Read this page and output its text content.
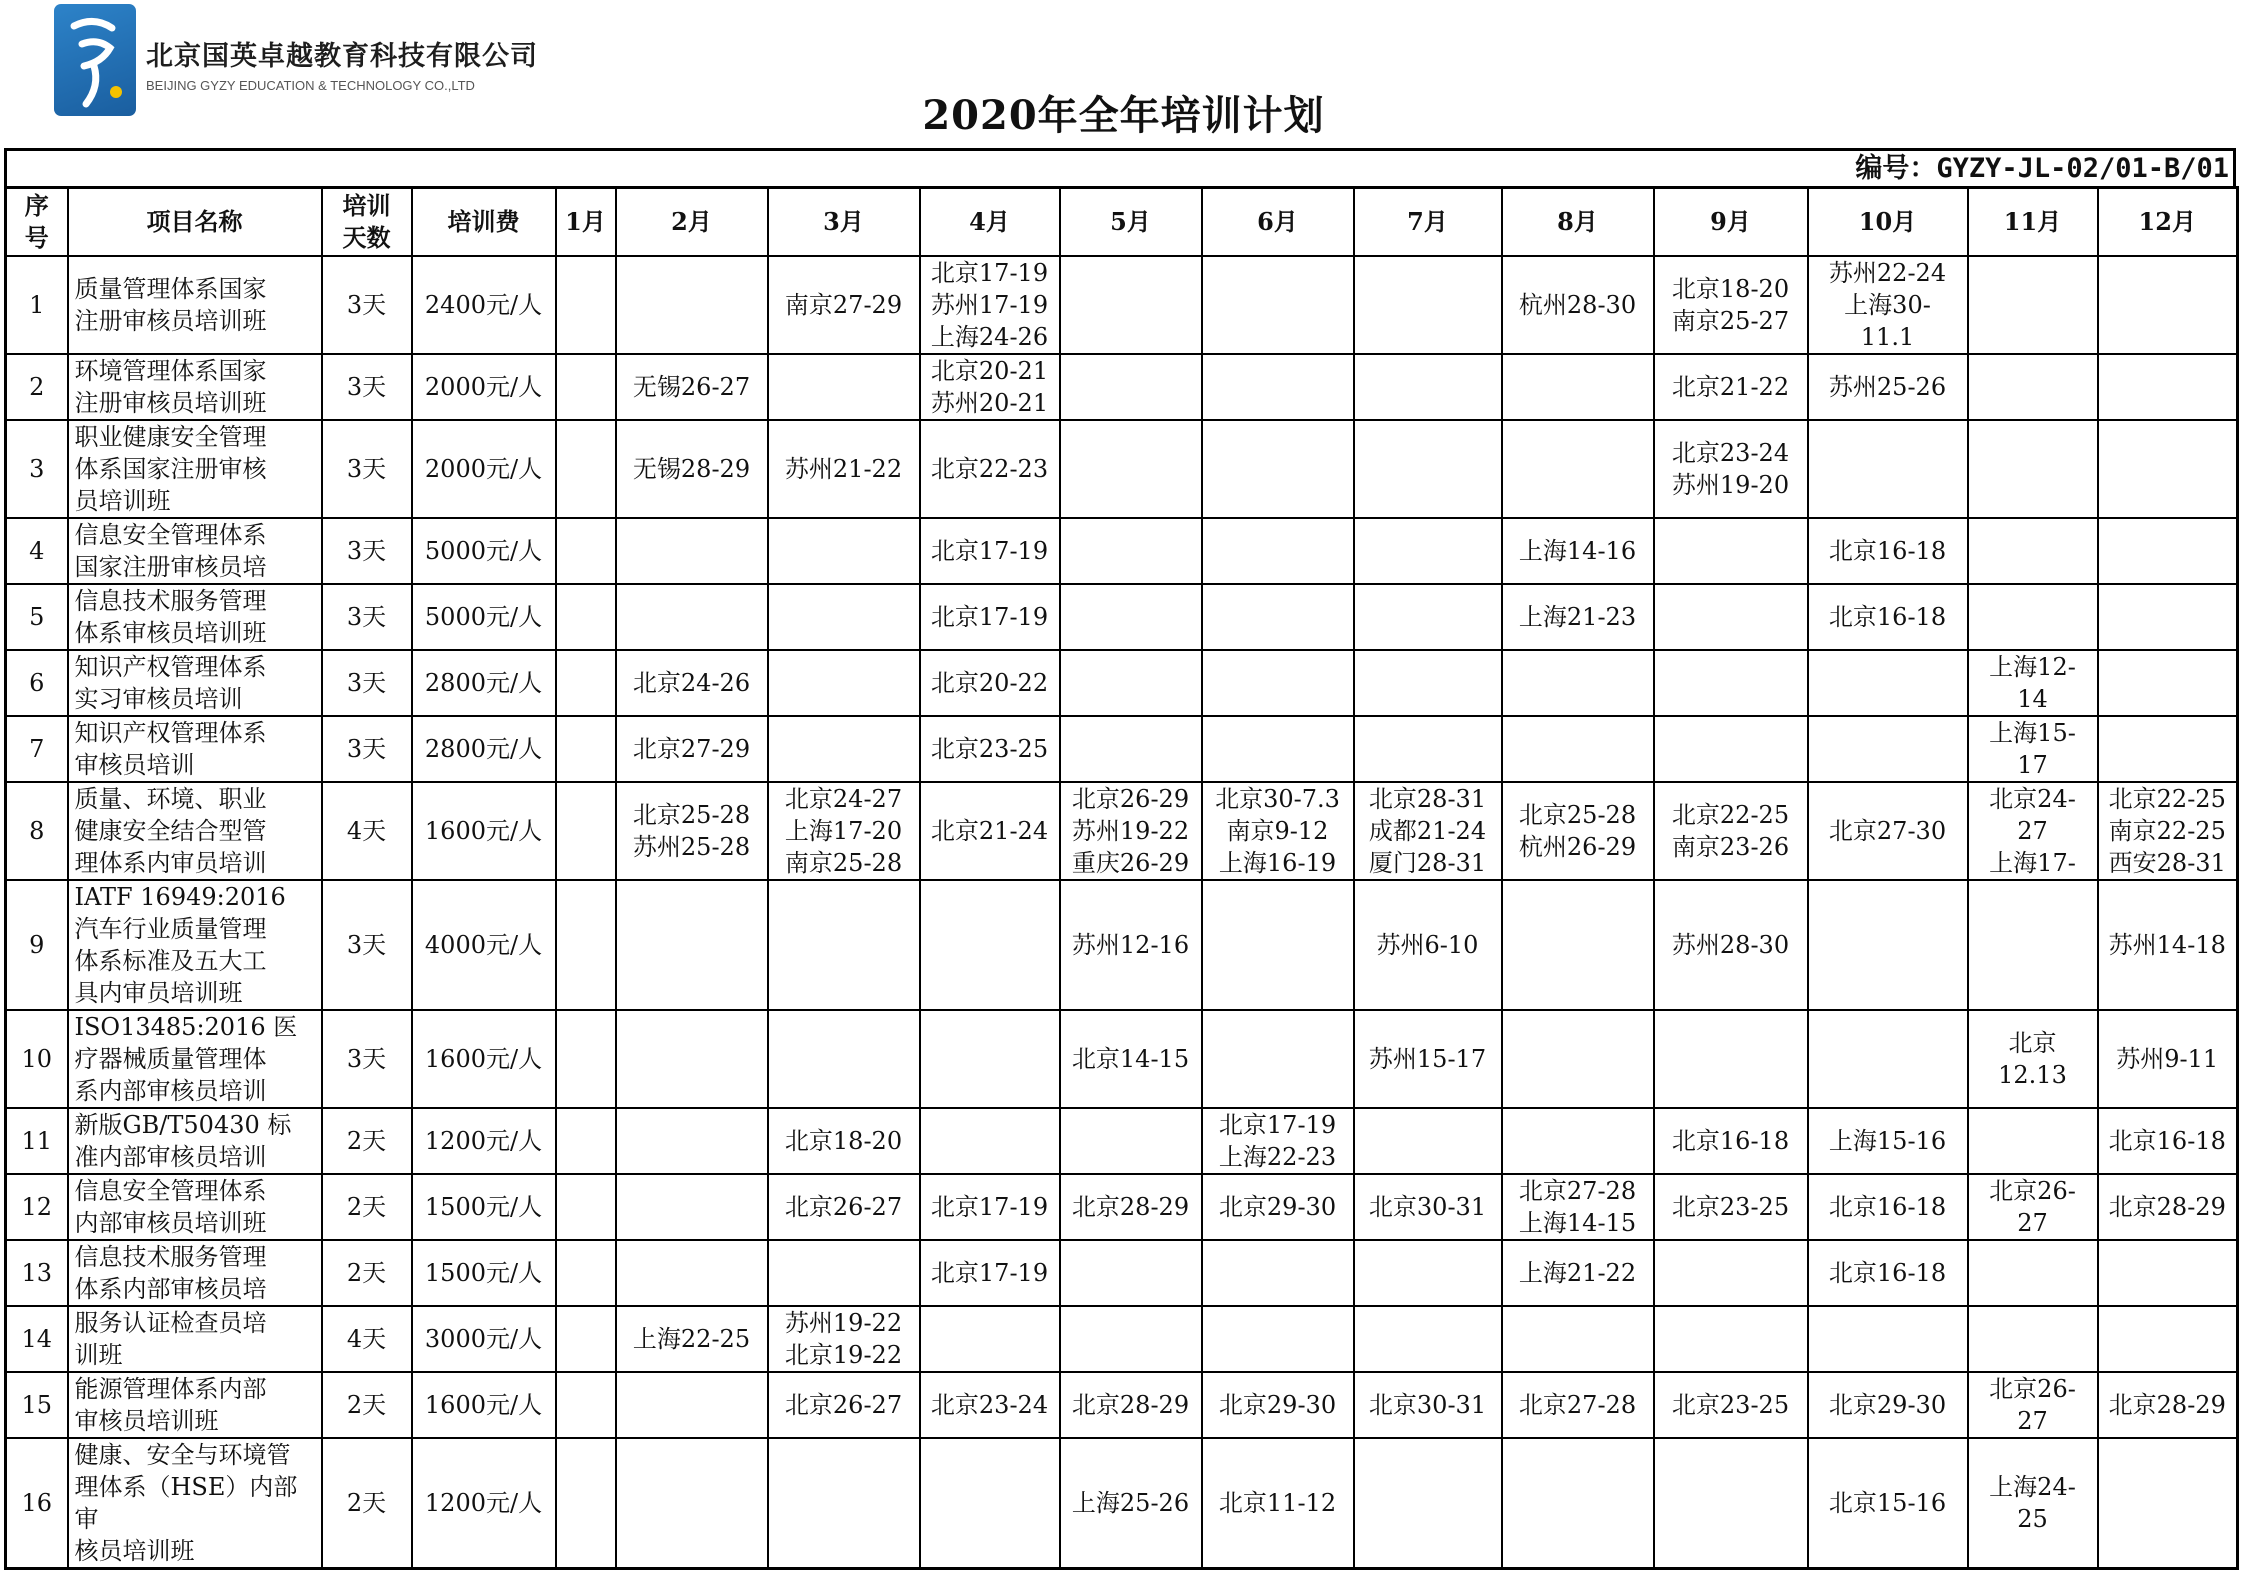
北京国英卓越教育科技有限公司
BEIJING GYZY EDUCATION & TECHNOLOGY CO.,LTD
2020年全年培训计划
编号：GYZY-JL-02/01-B/01
序
号	项目名称	培训
天数	培训费	1月	2月	3月	4月	5月	6月	7月	8月	9月	10月	11月	12月
1	质量管理体系国家
注册审核员培训班	3天	2400元/人			南京27-29	北京17-19
苏州17-19
上海24-26				杭州28-30	北京18-20
南京25-27	苏州22-24
上海30-
11.1		
2	环境管理体系国家
注册审核员培训班	3天	2000元/人		无锡26-27		北京20-21
苏州20-21					北京21-22	苏州25-26		
3	职业健康安全管理
体系国家注册审核
员培训班	3天	2000元/人		无锡28-29	苏州21-22	北京22-23					北京23-24
苏州19-20			
4	信息安全管理体系
国家注册审核员培	3天	5000元/人				北京17-19				上海14-16		北京16-18		
5	信息技术服务管理
体系审核员培训班	3天	5000元/人				北京17-19				上海21-23		北京16-18		
6	知识产权管理体系
实习审核员培训	3天	2800元/人		北京24-26		北京20-22							上海12-
14	
7	知识产权管理体系
审核员培训	3天	2800元/人		北京27-29		北京23-25							上海15-
17	
8	质量、环境、职业
健康安全结合型管
理体系内审员培训	4天	1600元/人		北京25-28
苏州25-28	北京24-27
上海17-20
南京25-28	北京21-24	北京26-29
苏州19-22
重庆26-29	北京30-7.3
南京9-12
上海16-19	北京28-31
成都21-24
厦门28-31	北京25-28
杭州26-29	北京22-25
南京23-26	北京27-30	北京24-
27
上海17-	北京22-25
南京22-25
西安28-31
9	IATF 16949:2016
汽车行业质量管理
体系标准及五大工
具内审员培训班	3天	4000元/人					苏州12-16		苏州6-10		苏州28-30			苏州14-18
10	ISO13485:2016 医
疗器械质量管理体
系内部审核员培训	3天	1600元/人					北京14-15		苏州15-17				北京
12.13	苏州9-11
11	新版GB/T50430 标
准内部审核员培训	2天	1200元/人			北京18-20			北京17-19
上海22-23			北京16-18	上海15-16		北京16-18
12	信息安全管理体系
内部审核员培训班	2天	1500元/人			北京26-27	北京17-19	北京28-29	北京29-30	北京30-31	北京27-28
上海14-15	北京23-25	北京16-18	北京26-
27	北京28-29
13	信息技术服务管理
体系内部审核员培	2天	1500元/人				北京17-19				上海21-22		北京16-18		
14	服务认证检查员培
训班	4天	3000元/人		上海22-25	苏州19-22
北京19-22									
15	能源管理体系内部
审核员培训班	2天	1600元/人			北京26-27	北京23-24	北京28-29	北京29-30	北京30-31	北京27-28	北京23-25	北京29-30	北京26-
27	北京28-29
16	健康、安全与环境管
理体系（HSE）内部审
核员培训班	2天	1200元/人					上海25-26	北京11-12				北京15-16	上海24-
25	
